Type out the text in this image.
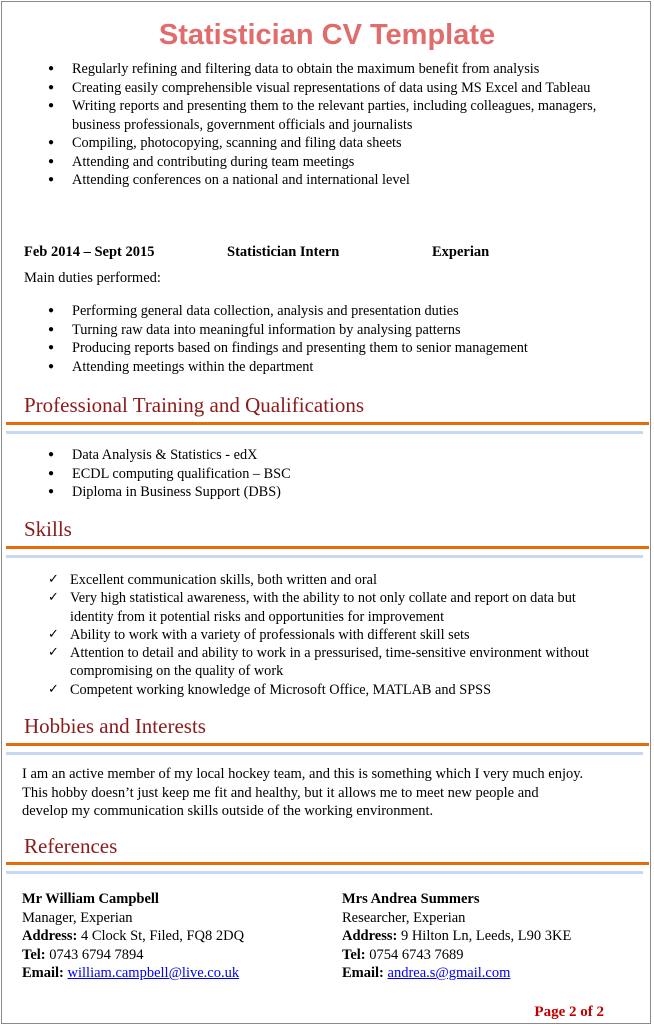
Statistician CV Template
● Regularly refining and filtering data to obtain the maximum benefit from analysis
● Creating easily comprehensible visual representations of data using MS Excel and Tableau
● Writing reports and presenting them to the relevant parties, including colleagues, managers, business professionals, government officials and journalists
● Compiling, photocopying, scanning and filing data sheets
● Attending and contributing during team meetings
● Attending conferences on a national and international level
Feb 2014 – Sept 2015	Statistician Intern	Experian
Main duties performed:
● Performing general data collection, analysis and presentation duties
● Turning raw data into meaningful information by analysing patterns
● Producing reports based on findings and presenting them to senior management
● Attending meetings within the department
Professional Training and Qualifications
● Data Analysis & Statistics - edX
● ECDL computing qualification – BSC
● Diploma in Business Support (DBS)
Skills
✓ Excellent communication skills, both written and oral
✓ Very high statistical awareness, with the ability to not only collate and report on data but identity from it potential risks and opportunities for improvement
✓ Ability to work with a variety of professionals with different skill sets
✓ Attention to detail and ability to work in a pressurised, time-sensitive environment without compromising on the quality of work
✓ Competent working knowledge of Microsoft Office, MATLAB and SPSS
Hobbies and Interests
I am an active member of my local hockey team, and this is something which I very much enjoy. This hobby doesn’t just keep me fit and healthy, but it allows me to meet new people and develop my communication skills outside of the working environment.
References
Mr William Campbell
Manager, Experian
Address: 4 Clock St, Filed, FQ8 2DQ
Tel: 0743 6794 7894
Email: william.campbell@live.co.uk
Mrs Andrea Summers
Researcher, Experian
Address: 9 Hilton Ln, Leeds, L90 3KE
Tel: 0754 6743 7689
Email: andrea.s@gmail.com
Page 2 of 2
